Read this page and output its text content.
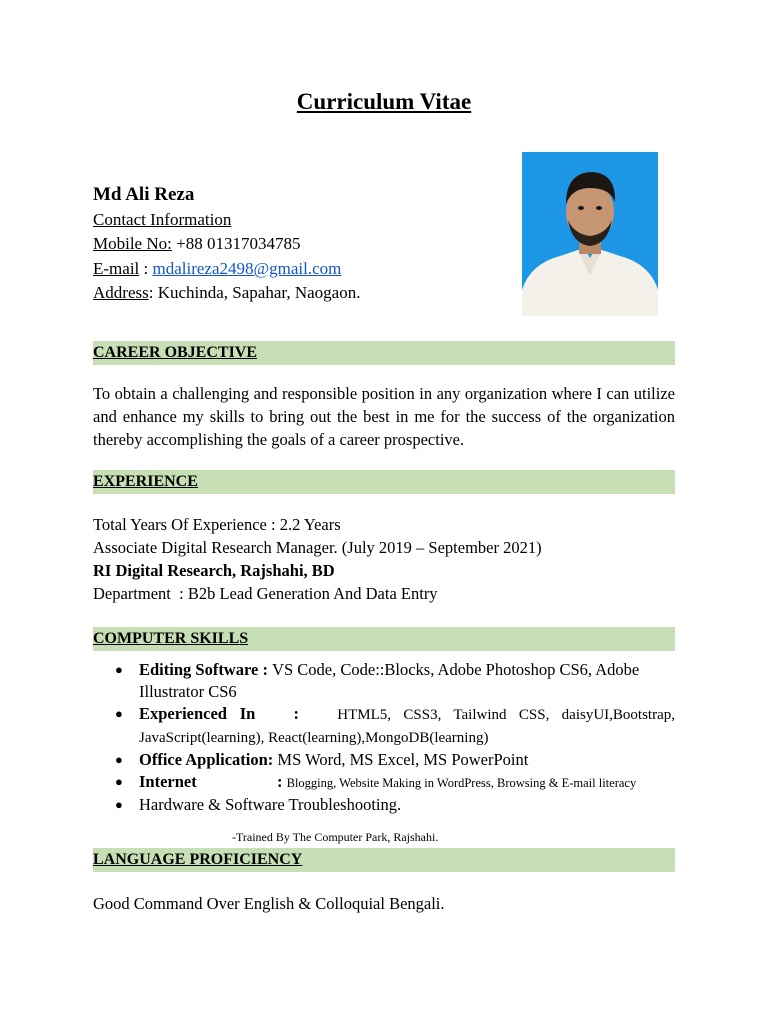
Curriculum Vitae
Md Ali Reza
Contact Information
Mobile No: +88 01317034785
E-mail : mdalireza2498@gmail.com
Address: Kuchinda, Sapahar, Naogaon.
CAREER OBJECTIVE
To obtain a challenging and responsible position in any organization where I can utilize and enhance my skills to bring out the best in me for the success of the organization thereby accomplishing the goals of a career prospective.
EXPERIENCE
Total Years Of Experience : 2.2 Years
Associate Digital Research Manager. (July 2019 – September 2021)
RI Digital Research, Rajshahi, BD
Department  : B2b Lead Generation And Data Entry
COMPUTER SKILLS
● Editing Software : VS Code, Code::Blocks, Adobe Photoshop CS6, Adobe Illustrator CS6
● Experienced In   :   HTML5, CSS3, Tailwind CSS, daisyUI,Bootstrap, JavaScript(learning), React(learning),MongoDB(learning)
● Office Application: MS Word, MS Excel, MS PowerPoint
● Internet	: Blogging, Website Making in WordPress, Browsing & E-mail literacy
● Hardware & Software Troubleshooting.
-Trained By The Computer Park, Rajshahi.
LANGUAGE PROFICIENCY
Good Command Over English & Colloquial Bengali.
